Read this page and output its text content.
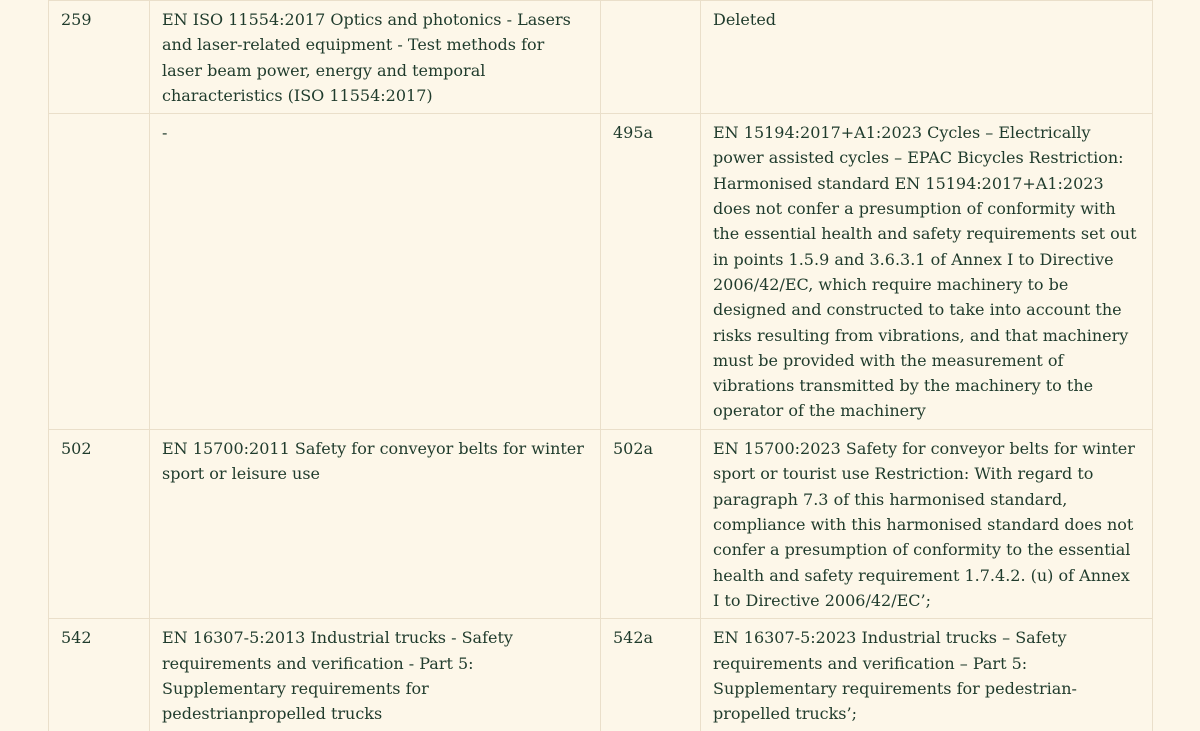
259	EN ISO 11554:2017 Optics and photonics - Lasers and laser-related equipment - Test methods for laser beam power, energy and temporal characteristics (ISO 11554:2017)		Deleted
	-	495a	EN 15194:2017+A1:2023 Cycles – Electrically power assisted cycles – EPAC Bicycles Restriction: Harmonised standard EN 15194:2017+A1:2023 does not confer a presumption of conformity with the essential health and safety requirements set out in points 1.5.9 and 3.6.3.1 of Annex I to Directive 2006/42/EC, which require machinery to be designed and constructed to take into account the risks resulting from vibrations, and that machinery must be provided with the measurement of vibrations transmitted by the machinery to the operator of the machinery
502	EN 15700:2011 Safety for conveyor belts for winter sport or leisure use	502a	EN 15700:2023 Safety for conveyor belts for winter sport or tourist use Restriction: With regard to paragraph 7.3 of this harmonised standard, compliance with this harmonised standard does not confer a presumption of conformity to the essential health and safety requirement 1.7.4.2. (u) of Annex I to Directive 2006/42/EC’;
542	EN 16307-5:2013 Industrial trucks - Safety requirements and verification - Part 5: Supplementary requirements for pedestrianpropelled trucks	542a	EN 16307-5:2023 Industrial trucks – Safety requirements and verification – Part 5: Supplementary requirements for pedestrian-propelled trucks’;
